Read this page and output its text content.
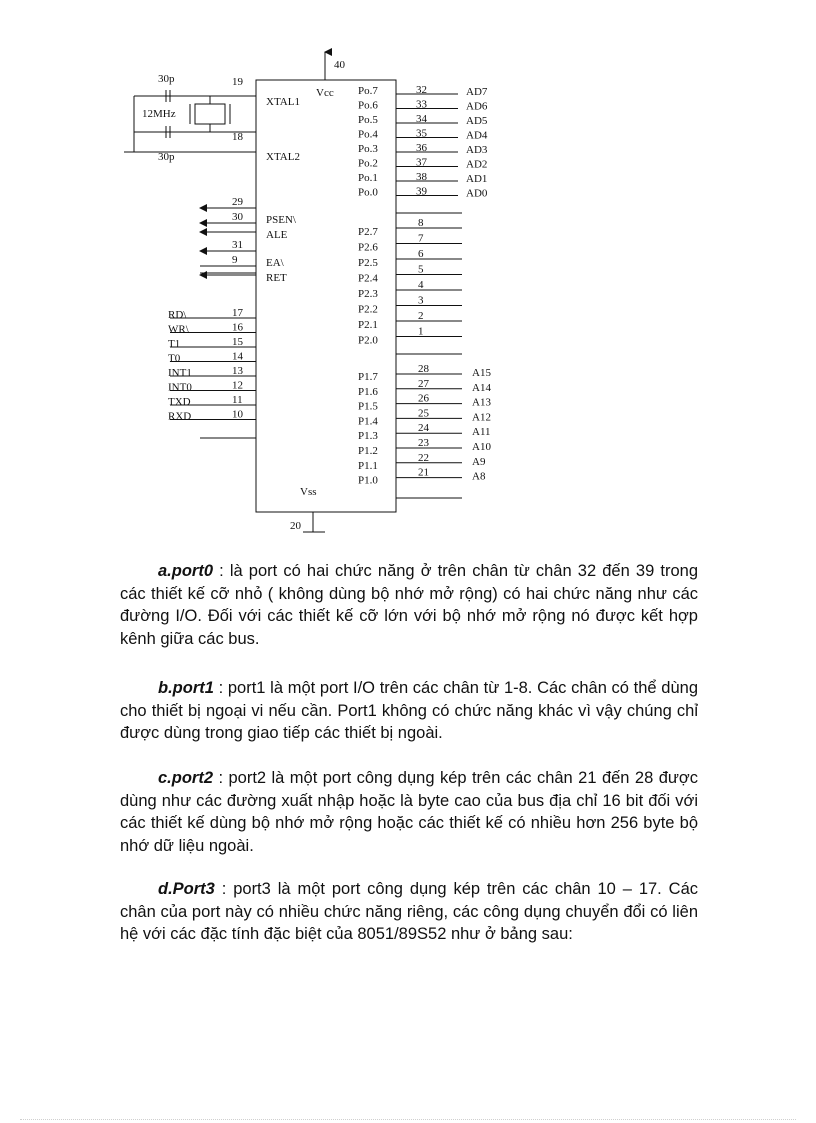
40
Vcc
Vss
20
30p
12MHz
30p
19
XTAL1
18
XTAL2
29
PSEN\
30
ALE
31
EA\
9
RET
RD\	17
WR\	16
T1	15
T0	14
INT1	13
INT0	12
TXD	11
RXD	10
Po.7	32	AD7
Po.6	33	AD6
Po.5	34	AD5
Po.4	35	AD4
Po.3	36	AD3
Po.2	37	AD2
Po.1	38	AD1
Po.0	39	AD0
P2.7
8
P2.6
7
P2.5
6
P2.4
5
P2.3
4
P2.2
3
P2.1
2
P2.0
1
P1.7
28	A15
P1.6
27	A14
P1.5
26	A13
P1.4
25	A12
P1.3
24	A11
P1.2
23	A10
P1.1
22	A9
P1.0
21	A8

a.port0 : là port có hai chức năng ở trên chân từ chân 32 đến 39 trong các thiết kế cỡ nhỏ ( không dùng bộ nhớ mở rộng) có hai chức năng như các đường I/O. Đối với các thiết kế cỡ lớn với bộ nhớ mở rộng nó được kết hợp kênh giữa các bus.

b.port1 : port1 là một port I/O trên các chân từ 1-8. Các chân có thể dùng cho thiết bị ngoại vi nếu cần. Port1 không có chức năng khác vì vậy chúng chỉ được dùng trong giao tiếp các thiết bị ngoài.

c.port2 : port2 là một port công dụng kép trên các chân 21 đến 28 được dùng như các đường xuất nhập hoặc là byte cao của bus địa chỉ 16 bit đối với các thiết kế dùng bộ nhớ mở rộng hoặc các thiết kế có nhiều hơn 256 byte bộ nhớ dữ liệu ngoài.

d.Port3 : port3 là một port công dụng kép trên các chân 10 – 17. Các chân của port này có nhiều chức năng riêng, các công dụng chuyển đổi có liên hệ với các đặc tính đặc biệt của 8051/89S52 như ở bảng sau:
